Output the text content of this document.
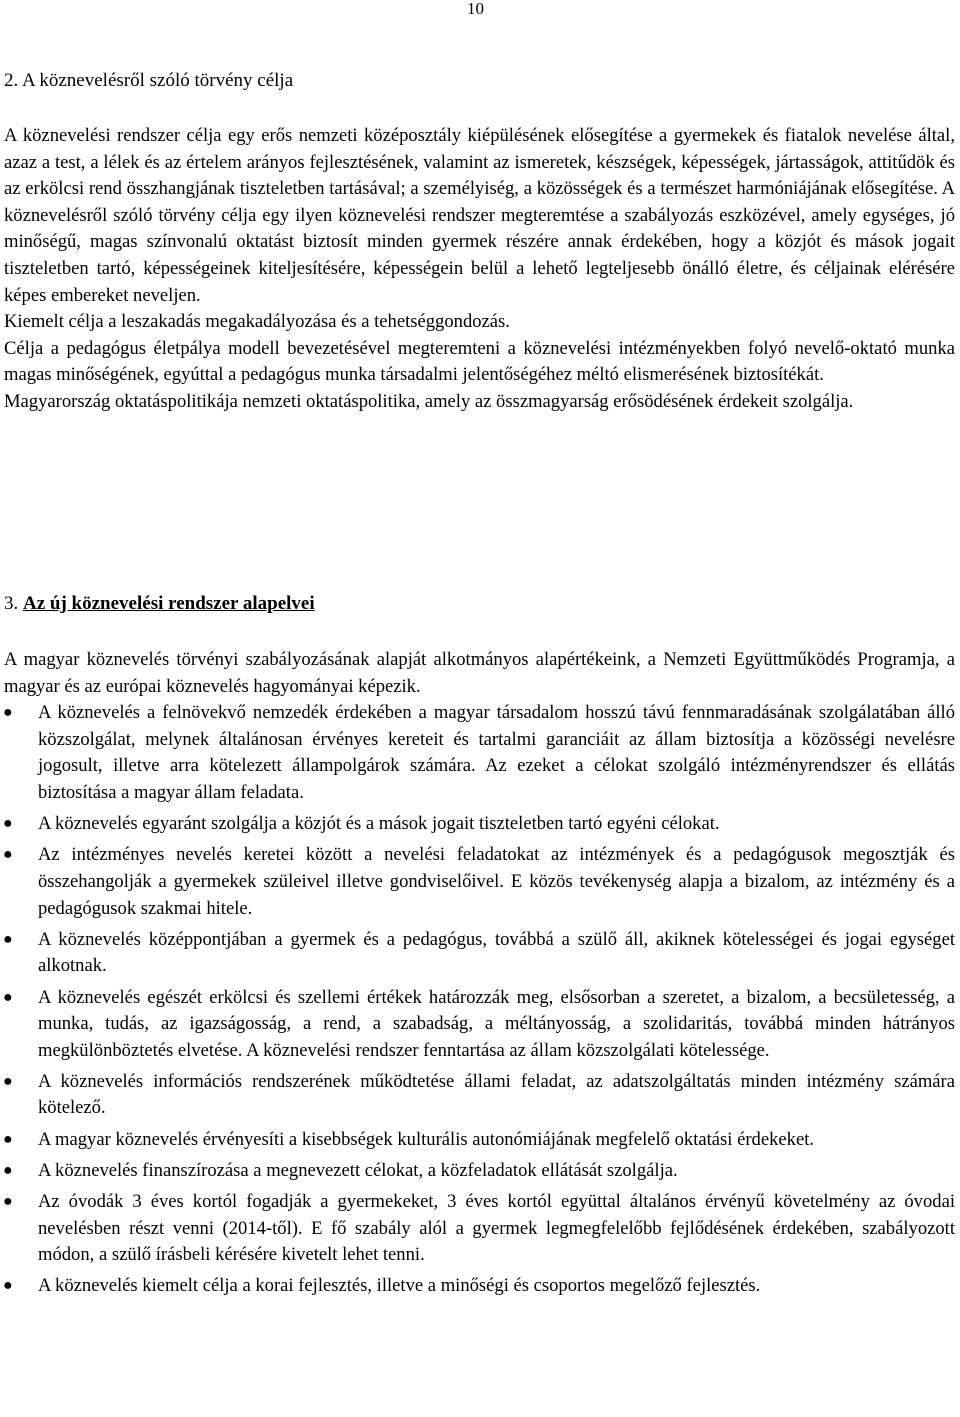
10
2. A köznevelésről szóló törvény célja

A köznevelési rendszer célja egy erős nemzeti középosztály kiépülésének elősegítése a gyermekek és fiatalok nevelése által, azaz a test, a lélek és az értelem arányos fejlesztésének, valamint az ismeretek, készségek, képességek, jártasságok, attitűdök és az erkölcsi rend összhangjának tiszteletben tartásával; a személyiség, a közösségek és a természet harmóniájának elősegítése. A köznevelésről szóló törvény célja egy ilyen köznevelési rendszer megteremtése a szabályozás eszközével, amely egységes, jó minőségű, magas színvonalú oktatást biztosít minden gyermek részére annak érdekében, hogy a közjót és mások jogait tiszteletben tartó, képességeinek kiteljesítésére, képességein belül a lehető legteljesebb önálló életre, és céljainak elérésére képes embereket neveljen.

Kiemelt célja a leszakadás megakadályozása és a tehetséggondozás.

Célja a pedagógus életpálya modell bevezetésével megteremteni a köznevelési intézményekben folyó nevelő-oktató munka magas minőségének, egyúttal a pedagógus munka társadalmi jelentőségéhez méltó elismerésének biztosítékát.

Magyarország oktatáspolitikája nemzeti oktatáspolitika, amely az összmagyarság erősödésének érdekeit szolgálja.

3. Az új köznevelési rendszer alapelvei

A magyar köznevelés törvényi szabályozásának alapját alkotmányos alapértékeink, a Nemzeti Együttműködés Programja, a magyar és az európai köznevelés hagyományai képezik.

● A köznevelés a felnövekvő nemzedék érdekében a magyar társadalom hosszú távú fennmaradásának szolgálatában álló közszolgálat, melynek általánosan érvényes kereteit és tartalmi garanciáit az állam biztosítja a közösségi nevelésre jogosult, illetve arra kötelezett állampolgárok számára. Az ezeket a célokat szolgáló intézményrendszer és ellátás biztosítása a magyar állam feladata.
● A köznevelés egyaránt szolgálja a közjót és a mások jogait tiszteletben tartó egyéni célokat.
● Az intézményes nevelés keretei között a nevelési feladatokat az intézmények és a pedagógusok megosztják és összehangolják a gyermekek szüleivel illetve gondviselőivel. E közös tevékenység alapja a bizalom, az intézmény és a pedagógusok szakmai hitele.
● A köznevelés középpontjában a gyermek és a pedagógus, továbbá a szülő áll, akiknek kötelességei és jogai egységet alkotnak.
● A köznevelés egészét erkölcsi és szellemi értékek határozzák meg, elsősorban a szeretet, a bizalom, a becsületesség, a munka, tudás, az igazságosság, a rend, a szabadság, a méltányosság, a szolidaritás, továbbá minden hátrányos megkülönböztetés elvetése. A köznevelési rendszer fenntartása az állam közszolgálati kötelessége.
● A köznevelés információs rendszerének működtetése állami feladat, az adatszolgáltatás minden intézmény számára kötelező.
● A magyar köznevelés érvényesíti a kisebbségek kulturális autonómiájának megfelelő oktatási érdekeket.
● A köznevelés finanszírozása a megnevezett célokat, a közfeladatok ellátását szolgálja.
● Az óvodák 3 éves kortól fogadják a gyermekeket, 3 éves kortól együttal általános érvényű követelmény az óvodai nevelésben részt venni (2014-től). E fő szabály alól a gyermek legmegfelelőbb fejlődésének érdekében, szabályozott módon, a szülő írásbeli kérésére kivetelt lehet tenni.
● A köznevelés kiemelt célja a korai fejlesztés, illetve a minőségi és csoportos megelőző fejlesztés.
